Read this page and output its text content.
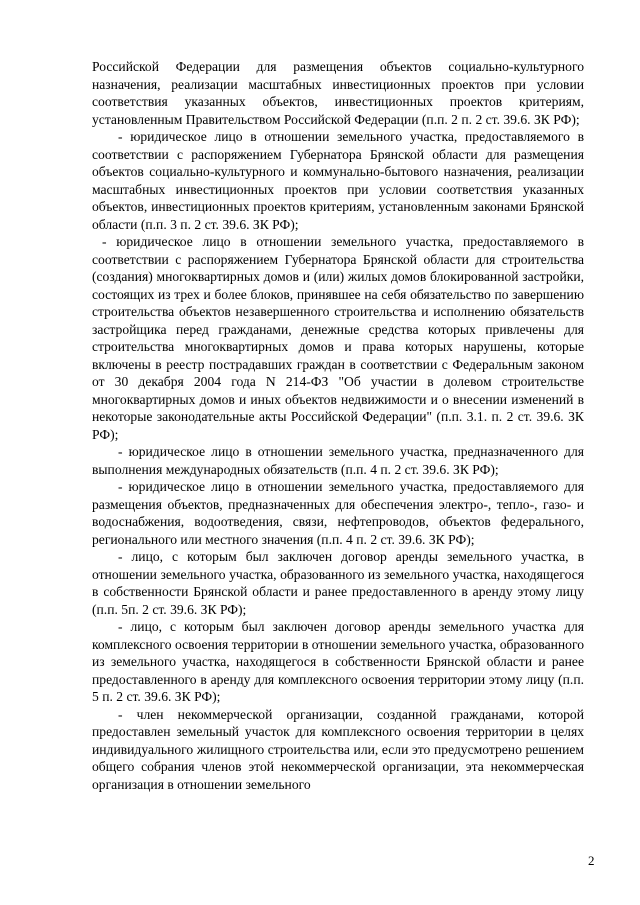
Российской Федерации для размещения объектов социально-культурного назначения, реализации масштабных инвестиционных проектов при условии соответствия указанных объектов, инвестиционных проектов критериям, установленным Правительством Российской Федерации (п.п. 2 п. 2 ст. 39.6. ЗК РФ);

- юридическое лицо в отношении земельного участка, предоставляемого в соответствии с распоряжением Губернатора Брянской области для размещения объектов социально-культурного и коммунально-бытового назначения, реализации масштабных инвестиционных проектов при условии соответствия указанных объектов, инвестиционных проектов критериям, установленным законами Брянской области (п.п. 3 п. 2 ст. 39.6. ЗК РФ);

- юридическое лицо в отношении земельного участка, предоставляемого в соответствии с распоряжением Губернатора Брянской области для строительства (создания) многоквартирных домов и (или) жилых домов блокированной застройки, состоящих из трех и более блоков, принявшее на себя обязательство по завершению строительства объектов незавершенного строительства и исполнению обязательств застройщика перед гражданами, денежные средства которых привлечены для строительства многоквартирных домов и права которых нарушены, которые включены в реестр пострадавших граждан в соответствии с Федеральным законом от 30 декабря 2004 года N 214-ФЗ "Об участии в долевом строительстве многоквартирных домов и иных объектов недвижимости и о внесении изменений в некоторые законодательные акты Российской Федерации" (п.п. 3.1. п. 2 ст. 39.6. ЗК РФ);

- юридическое лицо в отношении земельного участка, предназначенного для выполнения международных обязательств (п.п. 4 п. 2 ст. 39.6. ЗК РФ);

- юридическое лицо в отношении земельного участка, предоставляемого для размещения объектов, предназначенных для обеспечения электро-, тепло-, газо- и водоснабжения, водоотведения, связи, нефтепроводов, объектов федерального, регионального или местного значения (п.п. 4 п. 2 ст. 39.6. ЗК РФ);

- лицо, с которым был заключен договор аренды земельного участка, в отношении земельного участка, образованного из земельного участка, находящегося в собственности Брянской области и ранее предоставленного в аренду этому лицу (п.п. 5п. 2 ст. 39.6. ЗК РФ);

- лицо, с которым был заключен договор аренды земельного участка для комплексного освоения территории в отношении земельного участка, образованного из земельного участка, находящегося в собственности Брянской области и ранее предоставленного в аренду для комплексного освоения территории этому лицу (п.п. 5 п. 2 ст. 39.6. ЗК РФ);

- член некоммерческой организации, созданной гражданами, которой предоставлен земельный участок для комплексного освоения территории в целях индивидуального жилищного строительства или, если это предусмотрено решением общего собрания членов этой некоммерческой организации, эта некоммерческая организация в отношении земельного

2
